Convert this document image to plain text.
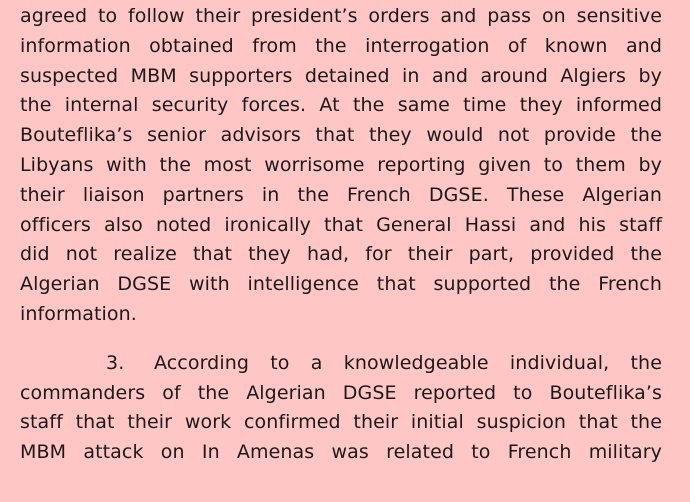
agreed to follow their president’s orders and pass on sensitive
information obtained from the interrogation of known and
suspected MBM supporters detained in and around Algiers by
the internal security forces. At the same time they informed
Bouteflika’s senior advisors that they would not provide the
Libyans with the most worrisome reporting given to them by
their liaison partners in the French DGSE. These Algerian
officers also noted ironically that General Hassi and his staff
did not realize that they had, for their part, provided the
Algerian DGSE with intelligence that supported the French
information.
3. According to a knowledgeable individual, the
commanders of the Algerian DGSE reported to Bouteflika’s
staff that their work confirmed their initial suspicion that the
MBM attack on In Amenas was related to French military
